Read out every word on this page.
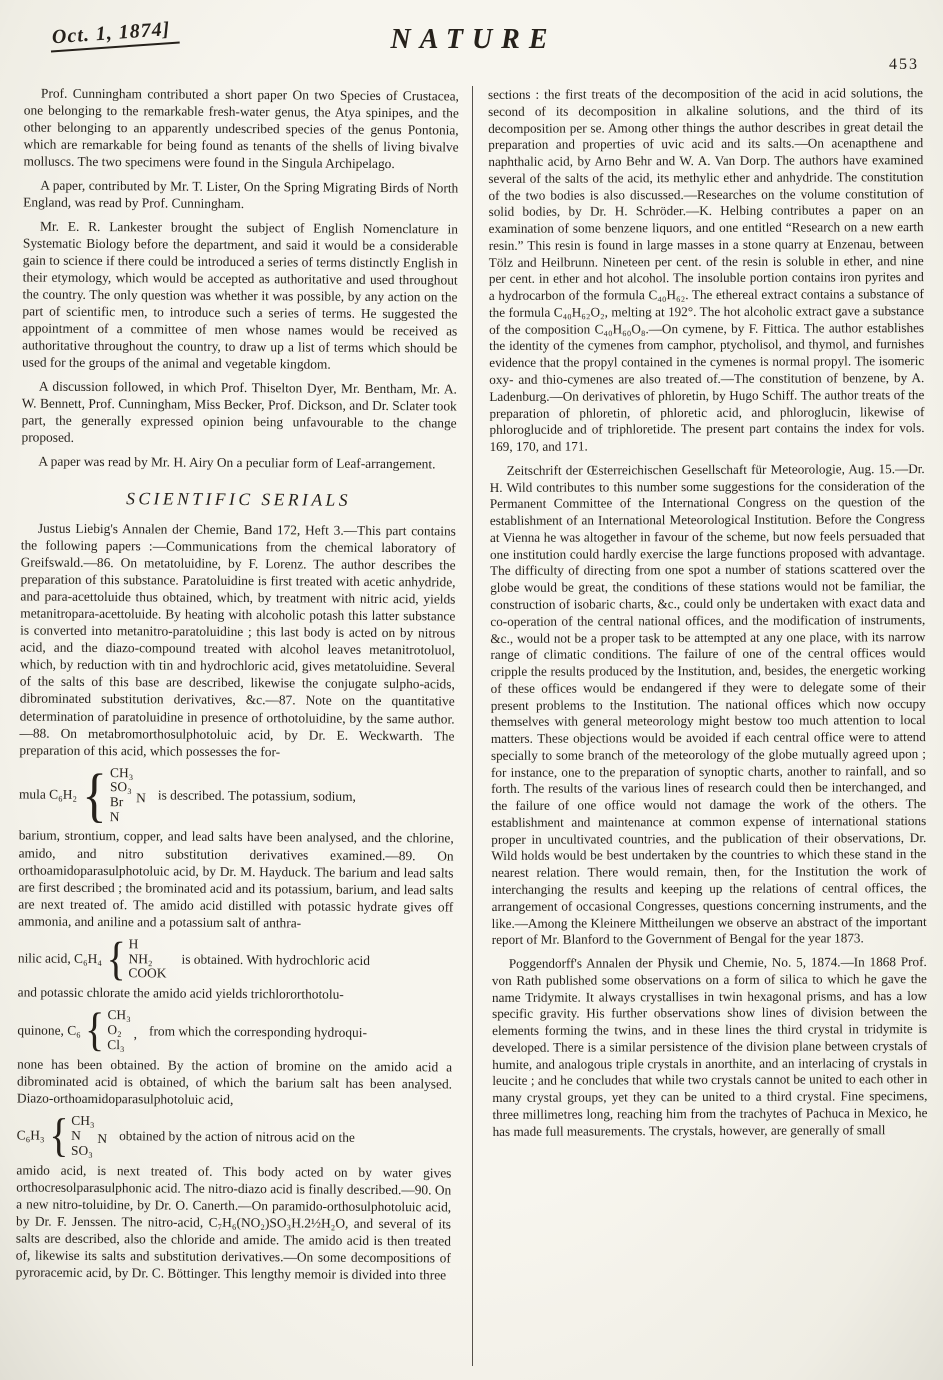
Oct. 1, 1874]	NATURE
453

Prof. Cunningham contributed a short paper On two Species of Crustacea, one belonging to the remarkable fresh-water genus, the Atya spinipes, and the other belonging to an apparently undescribed species of the genus Pontonia, which are remarkable for being found as tenants of the shells of living bivalve molluscs. The two specimens were found in the Singula Archipelago.

A paper, contributed by Mr. T. Lister, On the Spring Migrating Birds of North England, was read by Prof. Cunningham.

Mr. E. R. Lankester brought the subject of English Nomenclature in Systematic Biology before the department, and said it would be a considerable gain to science if there could be introduced a series of terms distinctly English in their etymology, which would be accepted as authoritative and used throughout the country. The only question was whether it was possible, by any action on the part of scientific men, to introduce such a series of terms. He suggested the appointment of a committee of men whose names would be received as authoritative throughout the country, to draw up a list of terms which should be used for the groups of the animal and vegetable kingdom.

A discussion followed, in which Prof. Thiselton Dyer, Mr. Bentham, Mr. A. W. Bennett, Prof. Cunningham, Miss Becker, Prof. Dickson, and Dr. Sclater took part, the generally expressed opinion being unfavourable to the change proposed.

A paper was read by Mr. H. Airy On a peculiar form of Leaf-arrangement.

SCIENTIFIC SERIALS

Justus Liebig's Annalen der Chemie, Band 172, Heft 3.—This part contains the following papers :—Communications from the chemical laboratory of Greifswald.—86. On metatoluidine, by F. Lorenz. The author describes the preparation of this substance. Paratoluidine is first treated with acetic anhydride, and para-acettoluide thus obtained, which, by treatment with nitric acid, yields metanitropara-acettoluide. By heating with alcoholic potash this latter substance is converted into metanitro-paratoluidine ; this last body is acted on by nitrous acid, and the diazo-compound treated with alcohol leaves metanitrotoluol, which, by reduction with tin and hydrochloric acid, gives metatoluidine. Several of the salts of this base are described, likewise the conjugate sulpho-acids, dibrominated substitution derivatives, &c.—87. Note on the quantitative determination of paratoluidine in presence of orthotoluidine, by the same author.—88. On metabromorthosulphotoluic acid, by Dr. E. Weckwarth. The preparation of this acid, which possesses the for-

mula C₆H₂ { CH₃
SO₃
Br
N
N is described. The potassium, sodium,

barium, strontium, copper, and lead salts have been analysed, and the chlorine, amido, and nitro substitution derivatives examined.—89. On orthoamidoparasulphotoluic acid, by Dr. M. Hayduck. The barium and lead salts are first described ; the brominated acid and its potassium, barium, and lead salts are next treated of. The amido acid distilled with potassic hydrate gives off ammonia, and aniline and a potassium salt of anthra-

nilic acid, C₆H₄ { H
NH₂
COOK
is obtained. With hydrochloric acid

and potassic chlorate the amido acid yields trichlororthotolu-

quinone, C₆ { CH₃
O₂
Cl₃
, from which the corresponding hydroqui-

none has been obtained. By the action of bromine on the amido acid a dibrominated acid is obtained, of which the barium salt has been analysed. Diazo-orthoamidoparasulphotoluic acid,

C₆H₃ { CH₃
N
SO₃
N obtained by the action of nitrous acid on the

amido acid, is next treated of. This body acted on by water gives orthocresolparasulphonic acid. The nitro-diazo acid is finally described.—90. On a new nitro-toluidine, by Dr. O. Canerth.—On paramido-orthosulphotoluic acid, by Dr. F. Jenssen. The nitro-acid, C₇H₆(NO₂)SO₃H.2½H₂O, and several of its salts are described, also the chloride and amide. The amido acid is then treated of, likewise its salts and substitution derivatives.—On some decompositions of pyroracemic acid, by Dr. C. Böttinger. This lengthy memoir is divided into three

sections : the first treats of the decomposition of the acid in acid solutions, the second of its decomposition in alkaline solutions, and the third of its decomposition per se. Among other things the author describes in great detail the preparation and properties of uvic acid and its salts.—On acenapthene and naphthalic acid, by Arno Behr and W. A. Van Dorp. The authors have examined several of the salts of the acid, its methylic ether and anhydride. The constitution of the two bodies is also discussed.—Researches on the volume constitution of solid bodies, by Dr. H. Schröder.—K. Helbing contributes a paper on an examination of some benzene liquors, and one entitled “Research on a new earth resin.” This resin is found in large masses in a stone quarry at Enzenau, between Tölz and Heilbrunn. Nineteen per cent. of the resin is soluble in ether, and nine per cent. in ether and hot alcohol. The insoluble portion contains iron pyrites and a hydrocarbon of the formula C₄₀H₆₂. The ethereal extract contains a substance of the formula C₄₀H₆₂O₂, melting at 192°. The hot alcoholic extract gave a substance of the composition C₄₀H₆₀O₈.—On cymene, by F. Fittica. The author establishes the identity of the cymenes from camphor, ptycholisol, and thymol, and furnishes evidence that the propyl contained in the cymenes is normal propyl. The isomeric oxy- and thio-cymenes are also treated of.—The constitution of benzene, by A. Ladenburg.—On derivatives of phloretin, by Hugo Schiff. The author treats of the preparation of phloretin, of phloretic acid, and phloroglucin, likewise of phloroglucide and of triphloretide. The present part contains the index for vols. 169, 170, and 171.

Zeitschrift der Œsterreichischen Gesellschaft für Meteorologie, Aug. 15.—Dr. H. Wild contributes to this number some suggestions for the consideration of the Permanent Committee of the International Congress on the question of the establishment of an International Meteorological Institution. Before the Congress at Vienna he was altogether in favour of the scheme, but now feels persuaded that one institution could hardly exercise the large functions proposed with advantage. The difficulty of directing from one spot a number of stations scattered over the globe would be great, the conditions of these stations would not be familiar, the construction of isobaric charts, &c., could only be undertaken with exact data and co-operation of the central national offices, and the modification of instruments, &c., would not be a proper task to be attempted at any one place, with its narrow range of climatic conditions. The failure of one of the central offices would cripple the results produced by the Institution, and, besides, the energetic working of these offices would be endangered if they were to delegate some of their present problems to the Institution. The national offices which now occupy themselves with general meteorology might bestow too much attention to local matters. These objections would be avoided if each central office were to attend specially to some branch of the meteorology of the globe mutually agreed upon ; for instance, one to the preparation of synoptic charts, another to rainfall, and so forth. The results of the various lines of research could then be interchanged, and the failure of one office would not damage the work of the others. The establishment and maintenance at common expense of international stations proper in uncultivated countries, and the publication of their observations, Dr. Wild holds would be best undertaken by the countries to which these stand in the nearest relation. There would remain, then, for the Institution the work of interchanging the results and keeping up the relations of central offices, the arrangement of occasional Congresses, questions concerning instruments, and the like.—Among the Kleinere Mittheilungen we observe an abstract of the important report of Mr. Blanford to the Government of Bengal for the year 1873.

Poggendorff's Annalen der Physik und Chemie, No. 5, 1874.—In 1868 Prof. von Rath published some observations on a form of silica to which he gave the name Tridymite. It always crystallises in twin hexagonal prisms, and has a low specific gravity. His further observations show lines of division between the elements forming the twins, and in these lines the third crystal in tridymite is developed. There is a similar persistence of the division plane between crystals of humite, and analogous triple crystals in anorthite, and an interlacing of crystals in leucite ; and he concludes that while two crystals cannot be united to each other in many crystal groups, yet they can be united to a third crystal. Fine specimens, three millimetres long, reaching him from the trachytes of Pachuca in Mexico, he has made full measurements. The crystals, however, are generally of small
